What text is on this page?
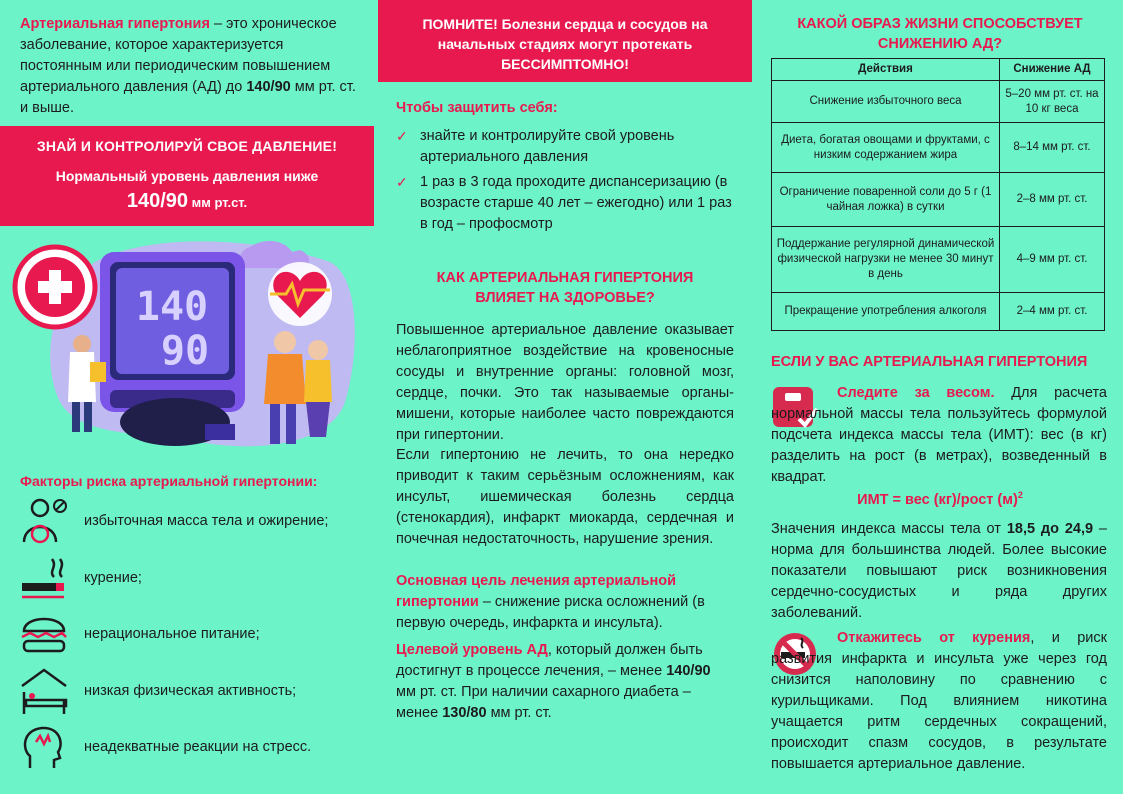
Артериальная гипертония – это хроническое заболевание, которое характеризуется постоянным или периодическим повышением артериального давления (АД) до 140/90 мм рт. ст. и выше.

ЗНАЙ И КОНТРОЛИРУЙ СВОЕ ДАВЛЕНИЕ!
Нормальный уровень давления ниже
140/90 мм рт.ст.
140
90
Факторы риска артериальной гипертонии:
избыточная масса тела и ожирение;
курение;
нерациональное питание;
низкая физическая активность;
неадекватные реакции на стресс.
ПОМНИТЕ! Болезни сердца и сосудов на
начальных стадиях могут протекать
БЕССИМПТОМНО!
Чтобы защитить себя:
✓ знайте и контролируйте свой уровень артериального давления
✓ 1 раз в 3 года проходите диспансеризацию (в возрасте старше 40 лет – ежегодно) или 1 раз в год – профосмотр
КАК АРТЕРИАЛЬНАЯ ГИПЕРТОНИЯ
ВЛИЯЕТ НА ЗДОРОВЬЕ?

Повышенное артериальное давление оказывает неблагоприятное воздействие на кровеносные сосуды и внутренние органы: головной мозг, сердце, почки. Это так называемые органы-мишени, которые наиболее часто повреждаются при гипертонии.

Если гипертонию не лечить, то она нередко приводит к таким серьёзным осложнениям, как инсульт, ишемическая болезнь сердца (стенокардия), инфаркт миокарда, сердечная и почечная недостаточность, нарушение зрения.

Основная цель лечения артериальной гипертонии – снижение риска осложнений (в первую очередь, инфаркта и инсульта).

Целевой уровень АД, который должен быть достигнут в процессе лечения, – менее 140/90 мм рт. ст. При наличии сахарного диабета – менее 130/80 мм рт. ст.

КАКОЙ ОБРАЗ ЖИЗНИ СПОСОБСТВУЕТ
СНИЖЕНИЮ АД?
Действия	Снижение АД
Снижение избыточного веса	5–20 мм рт. ст. на 10 кг веса
Диета, богатая овощами и фруктами, с низким содержанием жира	8–14 мм рт. ст.
Ограничение поваренной соли до 5 г (1 чайная ложка) в сутки	2–8 мм рт. ст.
Поддержание регулярной динамической физической нагрузки не менее 30 минут в день	4–9 мм рт. ст.
Прекращение употребления алкоголя	2–4 мм рт. ст.
ЕСЛИ У ВАС АРТЕРИАЛЬНАЯ ГИПЕРТОНИЯ

Следите за весом. Для расчета нормальной массы тела пользуйтесь формулой подсчета индекса массы тела (ИМТ): вес (в кг) разделить на рост (в метрах), возведенный в квадрат.

ИМТ = вес (кг)/рост $(м)^2$

Значения индекса массы тела от 18,5 до 24,9 – норма для большинства людей. Более высокие показатели повышают риск возникновения сердечно-сосудистых и ряда других заболеваний.

Откажитесь от курения, и риск развития инфаркта и инсульта уже через год снизится наполовину по сравнению с курильщиками. Под влиянием никотина учащается ритм сердечных сокращений, происходит спазм сосудов, в результате повышается артериальное давление.
